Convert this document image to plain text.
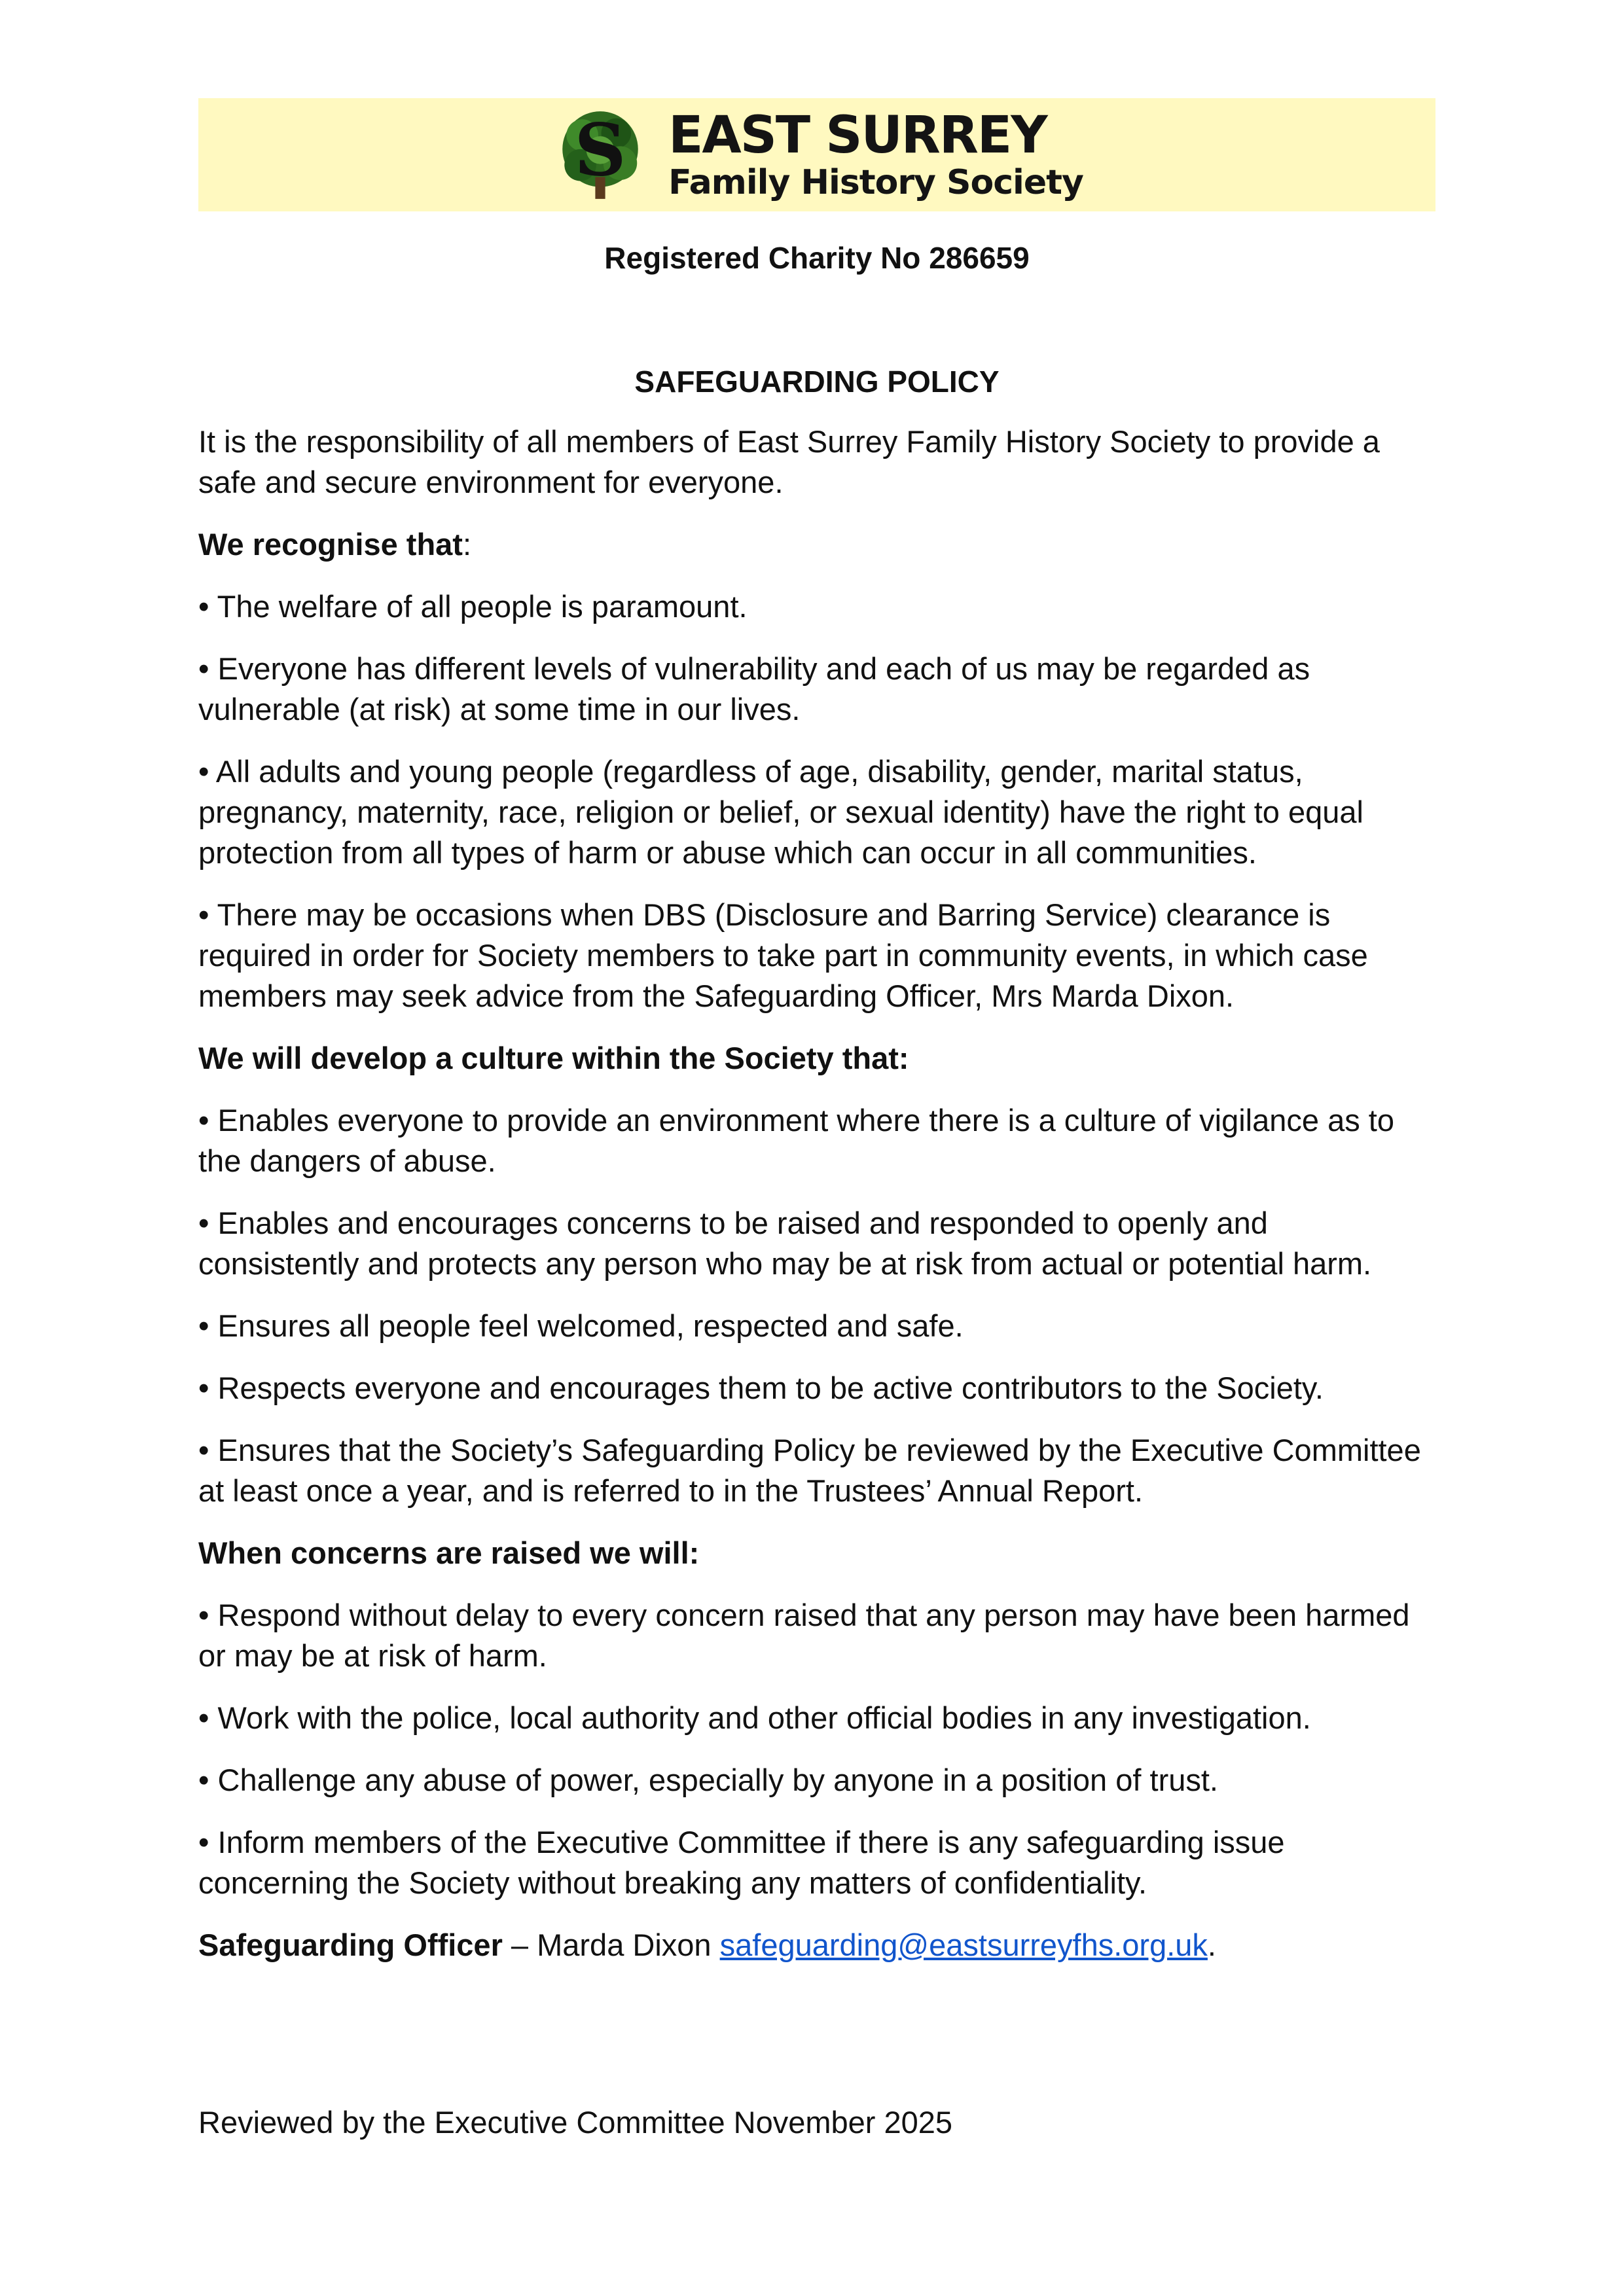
S EAST SURREY
Family History Society
Registered Charity No 286659
SAFEGUARDING POLICY

It is the responsibility of all members of East Surrey Family History Society to provide a safe and secure environment for everyone.

We recognise that:

• The welfare of all people is paramount.

• Everyone has different levels of vulnerability and each of us may be regarded as vulnerable (at risk) at some time in our lives.

• All adults and young people (regardless of age, disability, gender, marital status, pregnancy, maternity, race, religion or belief, or sexual identity) have the right to equal protection from all types of harm or abuse which can occur in all communities.

• There may be occasions when DBS (Disclosure and Barring Service) clearance is required in order for Society members to take part in community events, in which case members may seek advice from the Safeguarding Officer, Mrs Marda Dixon.

We will develop a culture within the Society that:

• Enables everyone to provide an environment where there is a culture of vigilance as to the dangers of abuse.

• Enables and encourages concerns to be raised and responded to openly and consistently and protects any person who may be at risk from actual or potential harm.

• Ensures all people feel welcomed, respected and safe.

• Respects everyone and encourages them to be active contributors to the Society.

• Ensures that the Society’s Safeguarding Policy be reviewed by the Executive Committee at least once a year, and is referred to in the Trustees’ Annual Report.

When concerns are raised we will:

• Respond without delay to every concern raised that any person may have been harmed or may be at risk of harm.

• Work with the police, local authority and other official bodies in any investigation.

• Challenge any abuse of power, especially by anyone in a position of trust.

• Inform members of the Executive Committee if there is any safeguarding issue concerning the Society without breaking any matters of confidentiality.

Safeguarding Officer – Marda Dixon safeguarding@eastsurreyfhs.org.uk.

Reviewed by the Executive Committee November 2025
